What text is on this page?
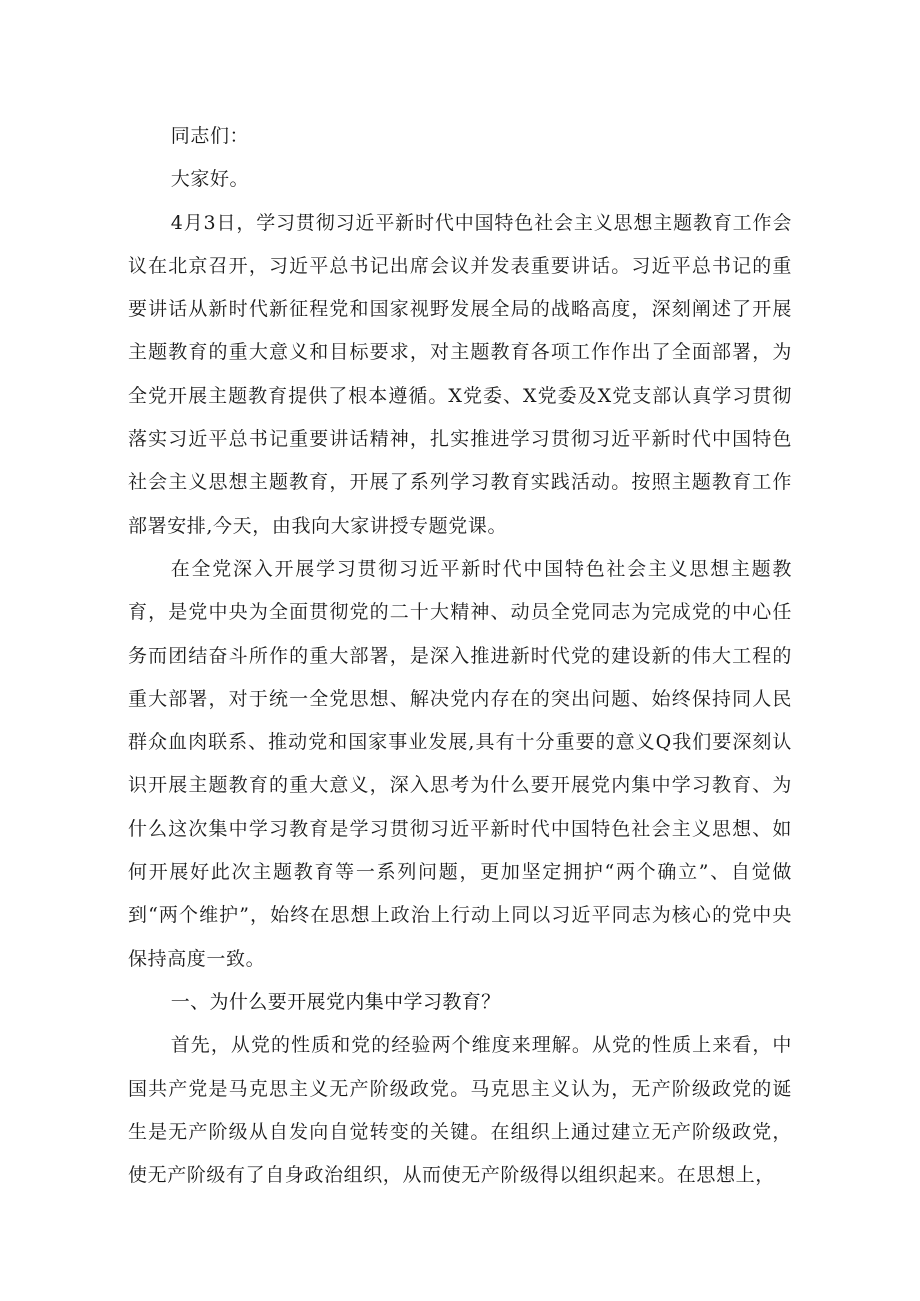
同志们：

大家好。

4月3日，学习贯彻习近平新时代中国特色社会主义思想主题教育工作会议在北京召开，习近平总书记出席会议并发表重要讲话。习近平总书记的重要讲话从新时代新征程党和国家视野发展全局的战略高度，深刻阐述了开展主题教育的重大意义和目标要求，对主题教育各项工作作出了全面部署，为全党开展主题教育提供了根本遵循。X党委、X党委及X党支部认真学习贯彻落实习近平总书记重要讲话精神，扎实推进学习贯彻习近平新时代中国特色社会主义思想主题教育，开展了系列学习教育实践活动。按照主题教育工作部署安排,今天，由我向大家讲授专题党课。

在全党深入开展学习贯彻习近平新时代中国特色社会主义思想主题教育，是党中央为全面贯彻党的二十大精神、动员全党同志为完成党的中心任务而团结奋斗所作的重大部署，是深入推进新时代党的建设新的伟大工程的重大部署，对于统一全党思想、解决党内存在的突出问题、始终保持同人民群众血肉联系、推动党和国家事业发展,具有十分重要的意义Q我们要深刻认识开展主题教育的重大意义，深入思考为什么要开展党内集中学习教育、为什么这次集中学习教育是学习贯彻习近平新时代中国特色社会主义思想、如何开展好此次主题教育等一系列问题，更加坚定拥护“两个确立”、自觉做到“两个维护”，始终在思想上政治上行动上同以习近平同志为核心的党中央保持高度一致。

一、为什么要开展党内集中学习教育？

首先，从党的性质和党的经验两个维度来理解。从党的性质上来看，中国共产党是马克思主义无产阶级政党。马克思主义认为，无产阶级政党的诞生是无产阶级从自发向自觉转变的关键。在组织上通过建立无产阶级政党，使无产阶级有了自身政治组织，从而使无产阶级得以组织起来。在思想上，
